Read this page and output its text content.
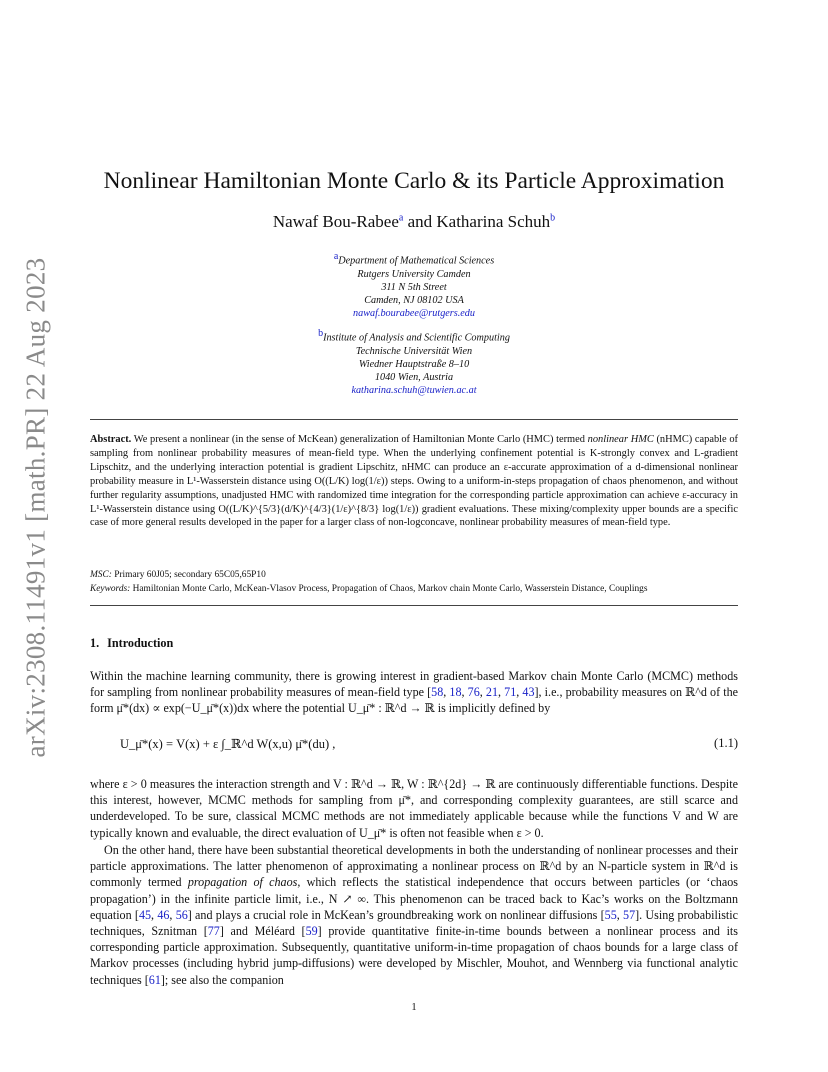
arXiv:2308.11491v1 [math.PR] 22 Aug 2023
Nonlinear Hamiltonian Monte Carlo & its Particle Approximation
Nawaf Bou-Rabee$^a$ and Katharina Schuh$^b$
$^a$Department of Mathematical Sciences
Rutgers University Camden
311 N 5th Street
Camden, NJ 08102 USA
nawaf.bourabee@rutgers.edu
$^b$Institute of Analysis and Scientific Computing
Technische Universität Wien
Wiedner Hauptstraße 8–10
1040 Wien, Austria
katharina.schuh@tuwien.ac.at
Abstract. We present a nonlinear (in the sense of McKean) generalization of Hamiltonian Monte Carlo (HMC) termed nonlinear HMC (nHMC) capable of sampling from nonlinear probability measures of mean-field type. When the underlying confinement potential is K-strongly convex and L-gradient Lipschitz, and the underlying interaction potential is gradient Lipschitz, nHMC can produce an ε-accurate approximation of a d-dimensional nonlinear probability measure in L¹-Wasserstein distance using O((L/K) log(1/ε)) steps. Owing to a uniform-in-steps propagation of chaos phenomenon, and without further regularity assumptions, unadjusted HMC with randomized time integration for the corresponding particle approximation can achieve ε-accuracy in L¹-Wasserstein distance using O((L/K)^{5/3}(d/K)^{4/3}(1/ε)^{8/3} log(1/ε)) gradient evaluations. These mixing/complexity upper bounds are a specific case of more general results developed in the paper for a larger class of non-logconcave, nonlinear probability measures of mean-field type.
MSC: Primary 60J05; secondary 65C05,65P10
Keywords: Hamiltonian Monte Carlo, McKean-Vlasov Process, Propagation of Chaos, Markov chain Monte Carlo, Wasserstein Distance, Couplings
1. Introduction

Within the machine learning community, there is growing interest in gradient-based Markov chain Monte Carlo (MCMC) methods for sampling from nonlinear probability measures of mean-field type [58, 18, 76, 21, 71, 43], i.e., probability measures on ℝ^d of the form μ̄*(dx) ∝ exp(−U_μ̄*(x))dx where the potential U_μ̄* : ℝ^d → ℝ is implicitly defined by

U_μ̄*(x) = V(x) + ε ∫_ℝ^d W(x,u) μ̄*(du) ,	(1.1)

where ε > 0 measures the interaction strength and V : ℝ^d → ℝ, W : ℝ^{2d} → ℝ are continuously differentiable functions. Despite this interest, however, MCMC methods for sampling from μ̄*, and corresponding complexity guarantees, are still scarce and underdeveloped. To be sure, classical MCMC methods are not immediately applicable because while the functions V and W are typically known and evaluable, the direct evaluation of U_μ̄* is often not feasible when ε > 0.

On the other hand, there have been substantial theoretical developments in both the understanding of nonlinear processes and their particle approximations. The latter phenomenon of approximating a nonlinear process on ℝ^d by an N-particle system in ℝ^d is commonly termed propagation of chaos, which reflects the statistical independence that occurs between particles (or ‘chaos propagation’) in the infinite particle limit, i.e., N ↗ ∞. This phenomenon can be traced back to Kac’s works on the Boltzmann equation [45, 46, 56] and plays a crucial role in McKean’s groundbreaking work on nonlinear diffusions [55, 57]. Using probabilistic techniques, Sznitman [77] and Méléard [59] provide quantitative finite-in-time bounds between a nonlinear process and its corresponding particle approximation. Subsequently, quantitative uniform-in-time propagation of chaos bounds for a large class of Markov processes (including hybrid jump-diffusions) were developed by Mischler, Mouhot, and Wennberg via functional analytic techniques [61]; see also the companion

1
